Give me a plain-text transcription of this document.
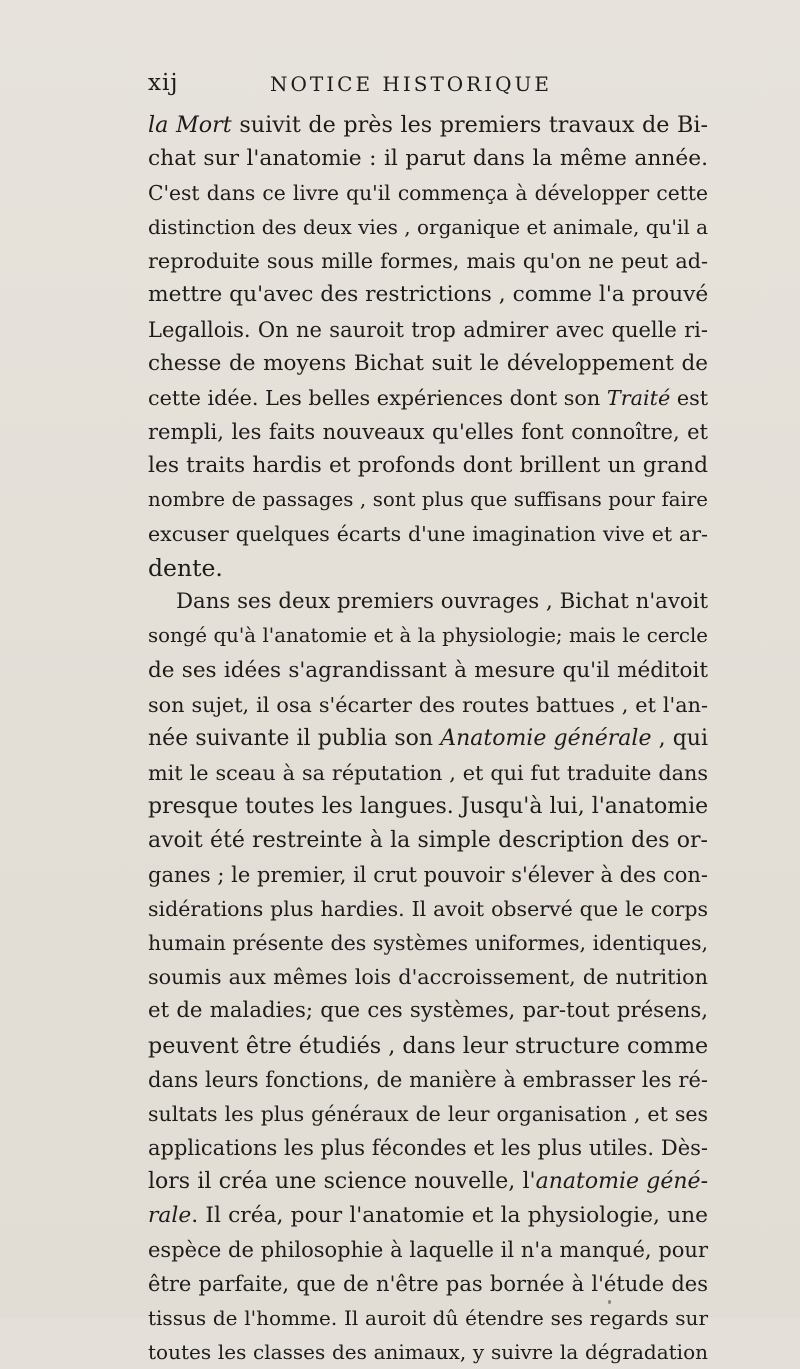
xij	NOTICE HISTORIQUE
la Mort suivit de près les premiers travaux de Bi-
chat sur l'anatomie : il parut dans la même année.
C'est dans ce livre qu'il commença à développer cette
distinction des deux vies , organique et animale, qu'il a
reproduite sous mille formes, mais qu'on ne peut ad-
mettre qu'avec des restrictions , comme l'a prouvé
Legallois. On ne sauroit trop admirer avec quelle ri-
chesse de moyens Bichat suit le développement de
cette idée. Les belles expériences dont son Traité est
rempli, les faits nouveaux qu'elles font connoître, et
les traits hardis et profonds dont brillent un grand
nombre de passages , sont plus que suffisans pour faire
excuser quelques écarts d'une imagination vive et ar-
dente.
Dans ses deux premiers ouvrages , Bichat n'avoit
songé qu'à l'anatomie et à la physiologie; mais le cercle
de ses idées s'agrandissant à mesure qu'il méditoit
son sujet, il osa s'écarter des routes battues , et l'an-
née suivante il publia son Anatomie générale , qui
mit le sceau à sa réputation , et qui fut traduite dans
presque toutes les langues. Jusqu'à lui, l'anatomie
avoit été restreinte à la simple description des or-
ganes ; le premier, il crut pouvoir s'élever à des con-
sidérations plus hardies. Il avoit observé que le corps
humain présente des systèmes uniformes, identiques,
soumis aux mêmes lois d'accroissement, de nutrition
et de maladies; que ces systèmes, par-tout présens,
peuvent être étudiés , dans leur structure comme
dans leurs fonctions, de manière à embrasser les ré-
sultats les plus généraux de leur organisation , et ses
applications les plus fécondes et les plus utiles. Dès-
lors il créa une science nouvelle, l'anatomie géné-
rale. Il créa, pour l'anatomie et la physiologie, une
espèce de philosophie à laquelle il n'a manqué, pour
être parfaite, que de n'être pas bornée à l'étude des
tissus de l'homme. Il auroit dû étendre ses regards sur
toutes les classes des animaux, y suivre la dégradation
